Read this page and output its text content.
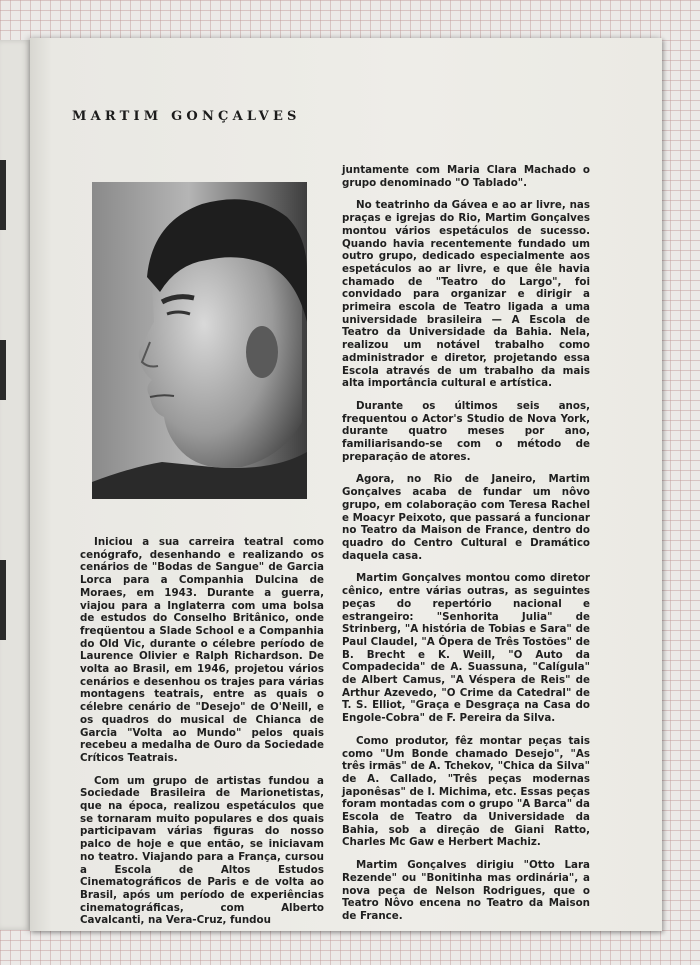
MARTIM GONÇALVES

Iniciou a sua carreira teatral como cenógrafo, desenhando e realizando os cenários de "Bodas de Sangue" de Garcia Lorca para a Companhia Dulcina de Moraes, em 1943. Durante a guerra, viajou para a Inglaterra com uma bolsa de estudos do Conselho Britânico, onde freqüentou a Slade School e a Companhia do Old Vic, durante o célebre período de Laurence Olivier e Ralph Richardson. De volta ao Brasil, em 1946, projetou vários cenários e desenhou os trajes para várias montagens teatrais, entre as quais o célebre cenário de "Desejo" de O'Neill, e os quadros do musical de Chianca de Garcia "Volta ao Mundo" pelos quais recebeu a medalha de Ouro da Sociedade Críticos Teatrais.

Com um grupo de artistas fundou a Sociedade Brasileira de Marionetistas, que na época, realizou espetáculos que se tornaram muito populares e dos quais participavam várias figuras do nosso palco de hoje e que então, se iniciavam no teatro. Viajando para a França, cursou a Escola de Altos Estudos Cinematográficos de Paris e de volta ao Brasil, após um período de experiências cinematográficas, com Alberto Cavalcanti, na Vera-Cruz, fundou

juntamente com Maria Clara Machado o grupo denominado "O Tablado".

No teatrinho da Gávea e ao ar livre, nas praças e igrejas do Rio, Martim Gonçalves montou vários espetáculos de sucesso. Quando havia recentemente fundado um outro grupo, dedicado especialmente aos espetáculos ao ar livre, e que êle havia chamado de "Teatro do Largo", foi convidado para organizar e dirigir a primeira escola de Teatro ligada a uma universidade brasileira — A Escola de Teatro da Universidade da Bahia. Nela, realizou um notável trabalho como administrador e diretor, projetando essa Escola através de um trabalho da mais alta importância cultural e artística.

Durante os últimos seis anos, frequentou o Actor's Studio de Nova York, durante quatro meses por ano, familiarisando-se com o método de preparação de atores.

Agora, no Rio de Janeiro, Martim Gonçalves acaba de fundar um nôvo grupo, em colaboração com Teresa Rachel e Moacyr Peixoto, que passará a funcionar no Teatro da Maison de France, dentro do quadro do Centro Cultural e Dramático daquela casa.

Martim Gonçalves montou como diretor cênico, entre várias outras, as seguintes peças do repertório nacional e estrangeiro: "Senhorita Julia" de Strinberg, "A história de Tobias e Sara" de Paul Claudel, "A Ópera de Três Tostões" de B. Brecht e K. Weill, "O Auto da Compadecida" de A. Suassuna, "Calígula" de Albert Camus, "A Véspera de Reis" de Arthur Azevedo, "O Crime da Catedral" de T. S. Elliot, "Graça e Desgraça na Casa do Engole-Cobra" de F. Pereira da Silva.

Como produtor, fêz montar peças tais como "Um Bonde chamado Desejo", "As três irmãs" de A. Tchekov, "Chica da Silva" de A. Callado, "Três peças modernas japonêsas" de I. Michima, etc. Essas peças foram montadas com o grupo "A Barca" da Escola de Teatro da Universidade da Bahia, sob a direção de Giani Ratto, Charles Mc Gaw e Herbert Machiz.

Martim Gonçalves dirigiu "Otto Lara Rezende" ou "Bonitinha mas ordinária", a nova peça de Nelson Rodrigues, que o Teatro Nôvo encena no Teatro da Maison de France.
